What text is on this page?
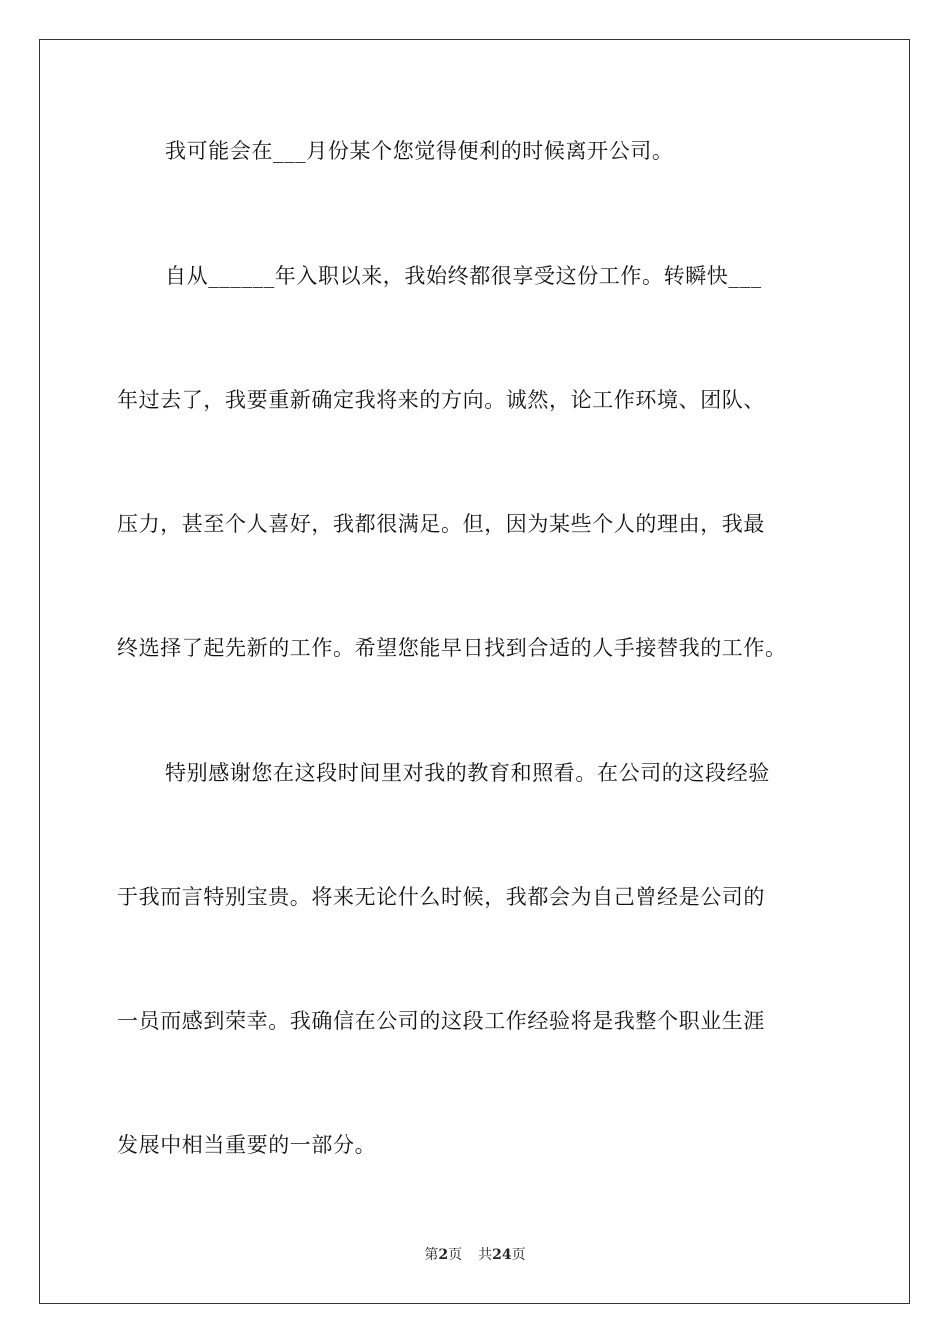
我可能会在___月份某个您觉得便利的时候离开公司。
自从______年入职以来，我始终都很享受这份工作。转瞬快___
年过去了，我要重新确定我将来的方向。诚然，论工作环境、团队、
压力，甚至个人喜好，我都很满足。但，因为某些个人的理由，我最
终选择了起先新的工作。希望您能早日找到合适的人手接替我的工作。
特别感谢您在这段时间里对我的教育和照看。在公司的这段经验
于我而言特别宝贵。将来无论什么时候，我都会为自己曾经是公司的
一员而感到荣幸。我确信在公司的这段工作经验将是我整个职业生涯
发展中相当重要的一部分。
第2页 共24页
